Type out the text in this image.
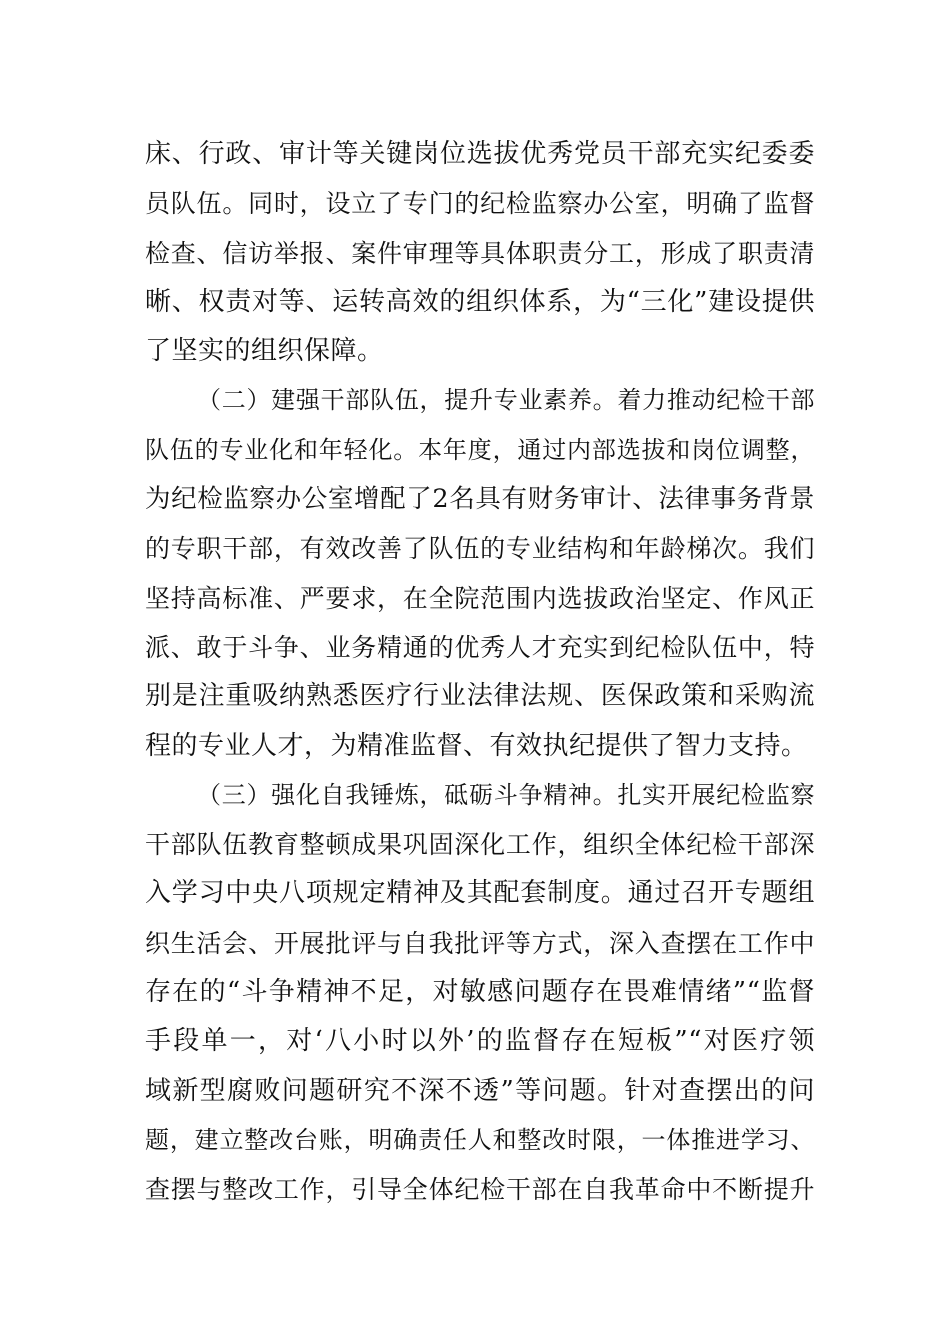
床、行政、审计等关键岗位选拔优秀党员干部充实纪委委
员队伍。同时，设立了专门的纪检监察办公室，明确了监督
检查、信访举报、案件审理等具体职责分工，形成了职责清
晰、权责对等、运转高效的组织体系，为“三化”建设提供
了坚实的组织保障。
（二）建强干部队伍，提升专业素养。着力推动纪检干部
队伍的专业化和年轻化。本年度，通过内部选拔和岗位调整，
为纪检监察办公室增配了2名具有财务审计、法律事务背景
的专职干部，有效改善了队伍的专业结构和年龄梯次。我们
坚持高标准、严要求，在全院范围内选拔政治坚定、作风正
派、敢于斗争、业务精通的优秀人才充实到纪检队伍中，特
别是注重吸纳熟悉医疗行业法律法规、医保政策和采购流
程的专业人才，为精准监督、有效执纪提供了智力支持。
（三）强化自我锤炼，砥砺斗争精神。扎实开展纪检监察
干部队伍教育整顿成果巩固深化工作，组织全体纪检干部深
入学习中央八项规定精神及其配套制度。通过召开专题组
织生活会、开展批评与自我批评等方式，深入查摆在工作中
存在的“斗争精神不足，对敏感问题存在畏难情绪”“监督
手段单一，对‘八小时以外’的监督存在短板”“对医疗领
域新型腐败问题研究不深不透”等问题。针对查摆出的问
题，建立整改台账，明确责任人和整改时限，一体推进学习、
查摆与整改工作，引导全体纪检干部在自我革命中不断提升
